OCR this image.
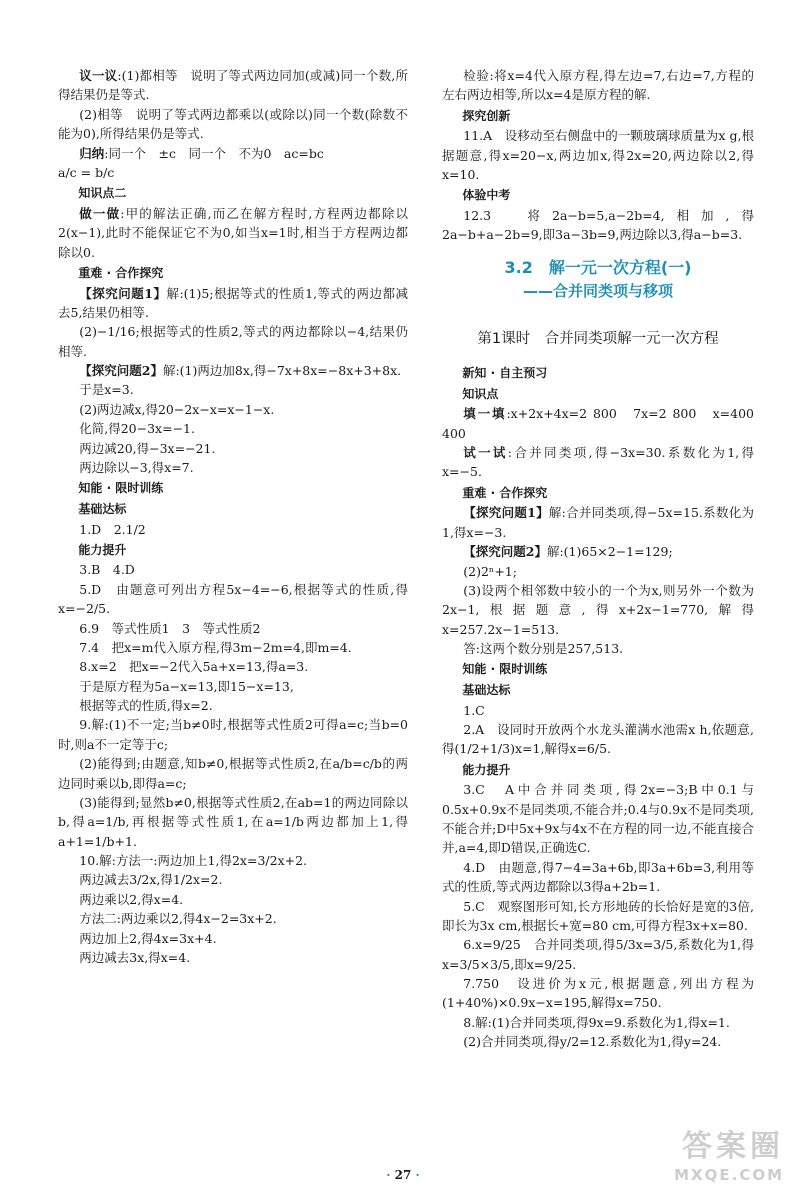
议一议:(1)都相等　说明了等式两边同加(或减)同一个数,所得结果仍是等式.
(2)相等　说明了等式两边都乘以(或除以)同一个数(除数不能为0),所得结果仍是等式.
归纳:同一个　±c　同一个　不为0　ac=bc
a/c = b/c
知识点二
做一做:甲的解法正确,而乙在解方程时,方程两边都除以2(x−1),此时不能保证它不为0,如当x=1时,相当于方程两边都除以0.
重难 · 合作探究
【探究问题1】解:(1)5;根据等式的性质1,等式的两边都减去5,结果仍相等.
(2)−1/16;根据等式的性质2,等式的两边都除以−4,结果仍相等.
【探究问题2】解:(1)两边加8x,得−7x+8x=−8x+3+8x.
于是x=3.
(2)两边减x,得20−2x−x=x−1−x.
化简,得20−3x=−1.
两边减20,得−3x=−21.
两边除以−3,得x=7.
知能 · 限时训练
基础达标
1.D　2.1/2
能力提升
3.B　4.D
5.D　由题意可列出方程5x−4=−6,根据等式的性质,得x=−2/5.
6.9　等式性质1　3　等式性质2
7.4　把x=m代入原方程,得3m−2m=4,即m=4.
8.x=2　把x=−2代入5a+x=13,得a=3.
于是原方程为5a−x=13,即15−x=13,
根据等式的性质,得x=2.
9.解:(1)不一定;当b≠0时,根据等式性质2可得a=c;当b=0时,则a不一定等于c;
(2)能得到;由题意,知b≠0,根据等式性质2,在a/b=c/b的两边同时乘以b,即得a=c;
(3)能得到;显然b≠0,根据等式性质2,在ab=1的两边同除以b,得a=1/b,再根据等式性质1,在a=1/b两边都加上1,得a+1=1/b+1.
10.解:方法一:两边加上1,得2x=3/2x+2.
两边减去3/2x,得1/2x=2.
两边乘以2,得x=4.
方法二:两边乘以2,得4x−2=3x+2.
两边加上2,得4x=3x+4.
两边减去3x,得x=4.
检验:将x=4代入原方程,得左边=7,右边=7,方程的左右两边相等,所以x=4是原方程的解.
探究创新
11.A　设移动至右侧盘中的一颗玻璃球质量为x g,根据题意,得x=20−x,两边加x,得2x=20,两边除以2,得x=10.
体验中考
12.3　将2a−b=5,a−2b=4,相加,得2a−b+a−2b=9,即3a−3b=9,两边除以3,得a−b=3.
3.2　解一元一次方程(一)
——合并同类项与移项
第1课时　合并同类项解一元一次方程
新知 · 自主预习
知识点
填一填:x+2x+4x=2 800　7x=2 800　x=400　400
试一试:合并同类项,得−3x=30.系数化为1,得x=−5.
重难 · 合作探究
【探究问题1】解:合并同类项,得−5x=15.系数化为1,得x=−3.
【探究问题2】解:(1)65×2−1=129;
(2)2ⁿ+1;
(3)设两个相邻数中较小的一个为x,则另外一个数为2x−1,根据题意,得x+2x−1=770,解得x=257.2x−1=513.
答:这两个数分别是257,513.
知能 · 限时训练
基础达标
1.C
2.A　设同时开放两个水龙头灌满水池需x h,依题意,得(1/2+1/3)x=1,解得x=6/5.
能力提升
3.C　A中合并同类项,得2x=−3;B中0.1与0.5x+0.9x不是同类项,不能合并;0.4与0.9x不是同类项,不能合并;D中5x+9x与4x不在方程的同一边,不能直接合并,a=4,即D错误,正确选C.
4.D　由题意,得7−4=3a+6b,即3a+6b=3,利用等式的性质,等式两边都除以3得a+2b=1.
5.C　观察图形可知,长方形地砖的长恰好是宽的3倍,即长为3x cm,根据长+宽=80 cm,可得方程3x+x=80.
6.x=9/25　合并同类项,得5/3x=3/5,系数化为1,得x=3/5×3/5,即x=9/25.
7.750　设进价为x元,根据题意,列出方程为(1+40%)×0.9x−x=195,解得x=750.
8.解:(1)合并同类项,得9x=9.系数化为1,得x=1.
(2)合并同类项,得y/2=12.系数化为1,得y=24.
· 27 ·
答案圈
MXQE.COM
